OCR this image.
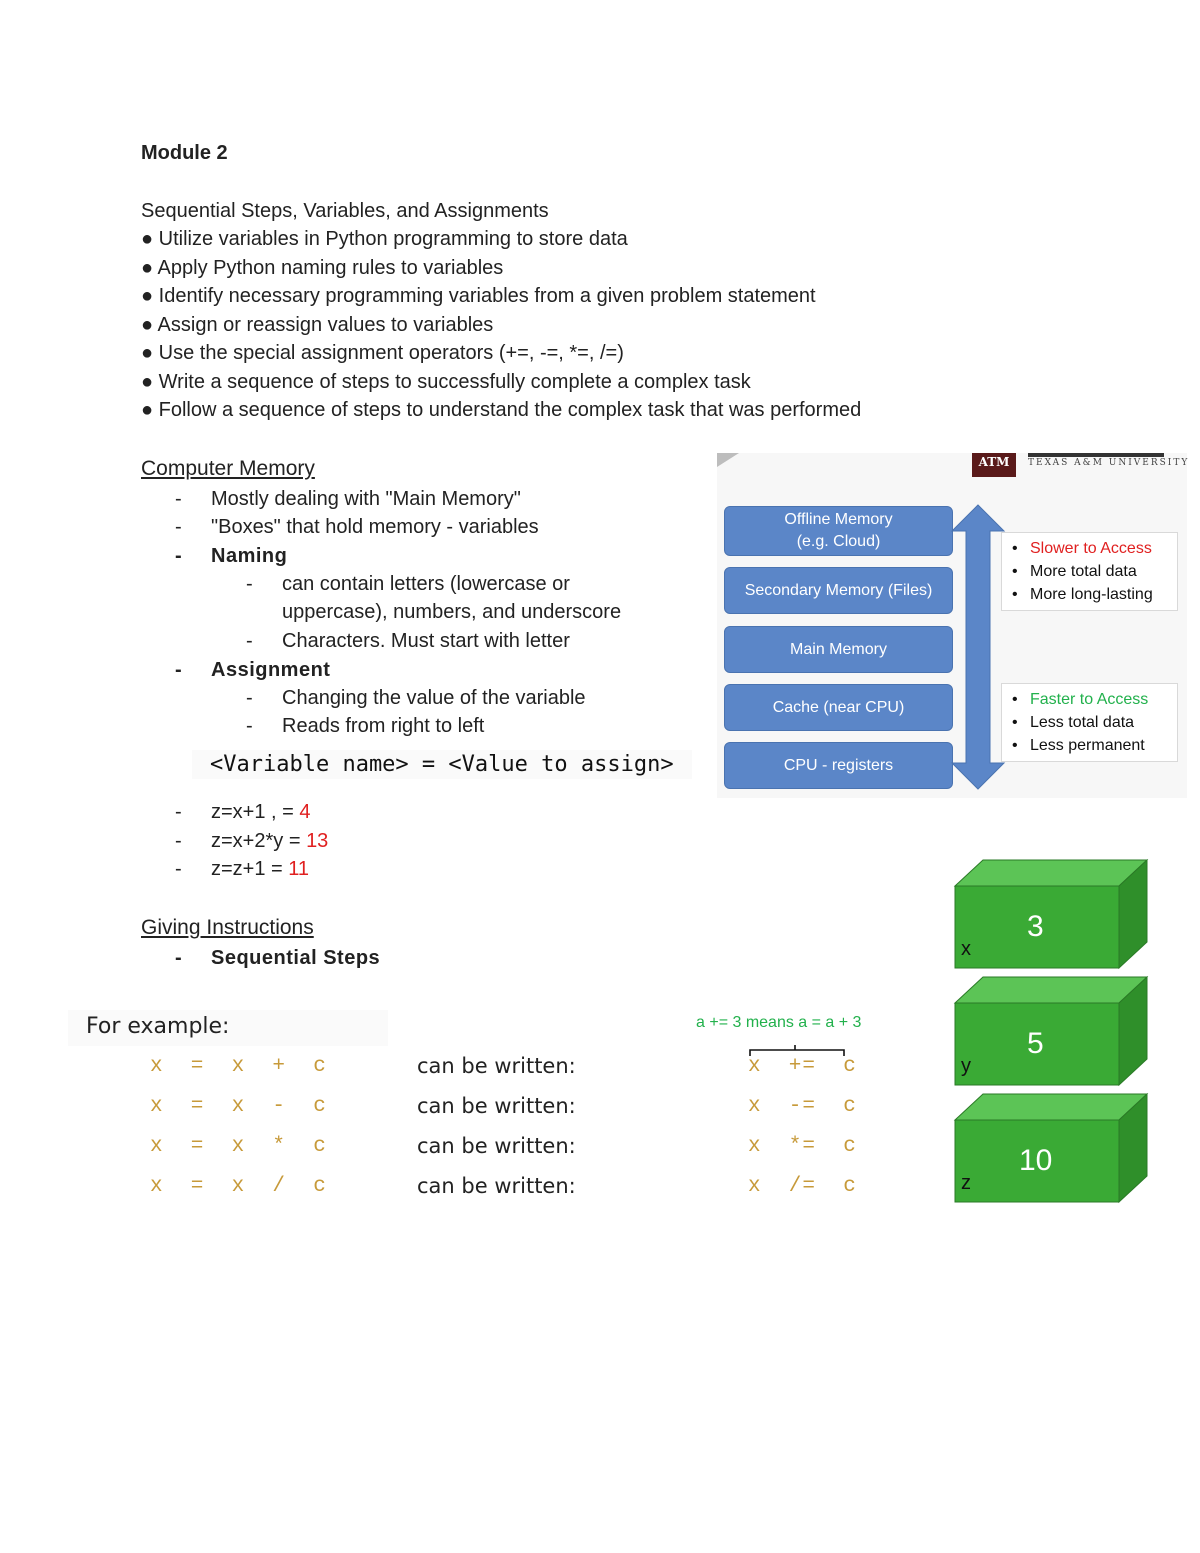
Module 2
Sequential Steps, Variables, and Assignments
● Utilize variables in Python programming to store data
● Apply Python naming rules to variables
● Identify necessary programming variables from a given problem statement
● Assign or reassign values to variables
● Use the special assignment operators (+=, -=, *=, /=)
● Write a sequence of steps to successfully complete a complex task
● Follow a sequence of steps to understand the complex task that was performed
Computer Memory
- Mostly dealing with "Main Memory"
- "Boxes" that hold memory - variables
- Naming
- can contain letters (lowercase or
uppercase), numbers, and underscore
- Characters. Must start with letter
- Assignment
- Changing the value of the variable
- Reads from right to left
<Variable name> = <Value to assign>
- z=x+1 , = 4
- z=x+2*y = 13
- z=z+1 = 11
ATM	TEXAS A&M UNIVERSITY
Offline Memory
(e.g. Cloud)
Secondary Memory (Files)
Main Memory
Cache (near CPU)
CPU - registers
• Slower to Access
• More total data
• More long-lasting
• Faster to Access
• Less total data
• Less permanent
Giving Instructions
- Sequential Steps
3
x
5
y
10
z
For example:	a += 3 means a = a + 3
x  =  x  +  c	can be written:	x  +=  c
x  =  x  -  c	can be written:	x  -=  c
x  =  x  *  c	can be written:	x  *=  c
x  =  x  /  c	can be written:	x  /=  c
